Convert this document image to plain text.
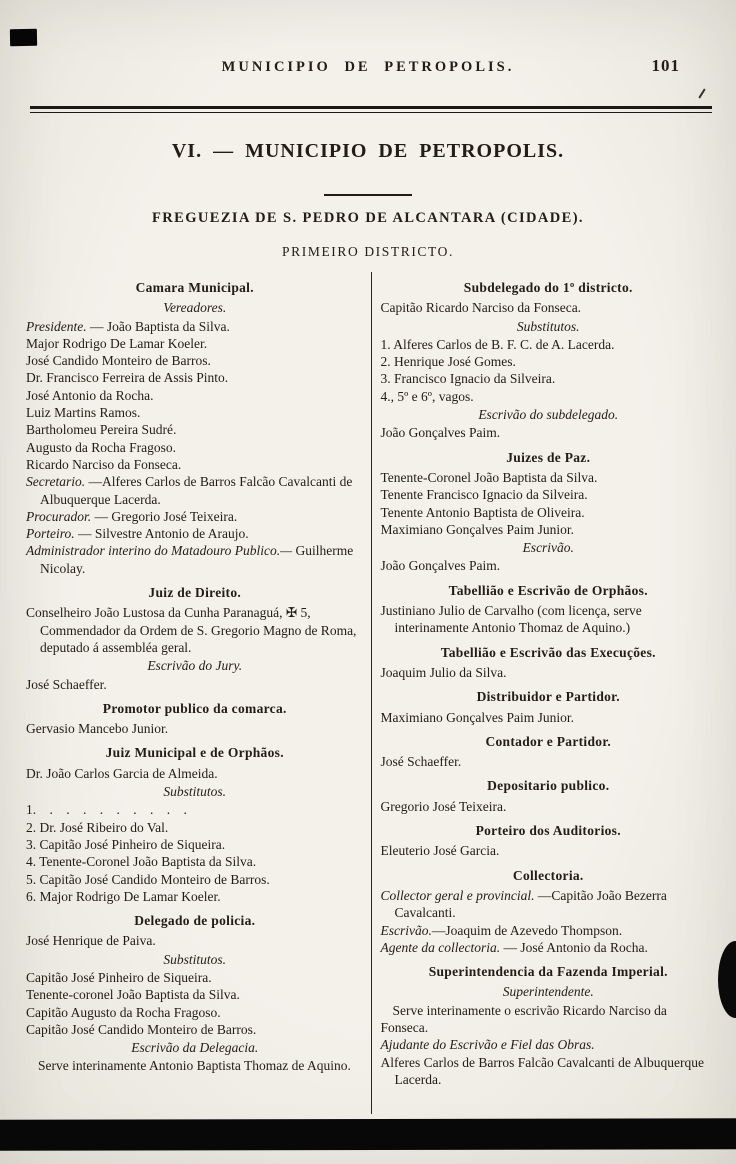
MUNICIPIO DE PETROPOLIS.	101
VI. — MUNICIPIO DE PETROPOLIS.
FREGUEZIA DE S. PEDRO DE ALCANTARA (CIDADE).
PRIMEIRO DISTRICTO.
Camara Municipal.
Vereadores.
Presidente. — João Baptista da Silva.
Major Rodrigo De Lamar Koeler.
José Candido Monteiro de Barros.
Dr. Francisco Ferreira de Assis Pinto.
José Antonio da Rocha.
Luiz Martins Ramos.
Bartholomeu Pereira Sudré.
Augusto da Rocha Fragoso.
Ricardo Narciso da Fonseca.
Secretario. —Alferes Carlos de Barros Falcão Cavalcanti de Albuquerque Lacerda.
Procurador. — Gregorio José Teixeira.
Porteiro. — Silvestre Antonio de Araujo.
Administrador interino do Matadouro Publico.— Guilherme Nicolay.
Juiz de Direito.
Conselheiro João Lustosa da Cunha Paranaguá, ✠ 5, Commendador da Ordem de S. Gregorio Magno de Roma, deputado á assembléa geral.
Escrivão do Jury.
José Schaeffer.
Promotor publico da comarca.
Gervasio Mancebo Junior.
Juiz Municipal e de Orphãos.
Dr. João Carlos Garcia de Almeida.
Substitutos.
1. . . . . . . . . .
2. Dr. José Ribeiro do Val.
3. Capitão José Pinheiro de Siqueira.
4. Tenente-Coronel João Baptista da Silva.
5. Capitão José Candido Monteiro de Barros.
6. Major Rodrigo De Lamar Koeler.
Delegado de policia.
José Henrique de Paiva.
Substitutos.
Capitão José Pinheiro de Siqueira.
Tenente-coronel João Baptista da Silva.
Capitão Augusto da Rocha Fragoso.
Capitão José Candido Monteiro de Barros.
Escrivão da Delegacia.
Serve interinamente Antonio Baptista Thomaz de Aquino.
Subdelegado do 1º districto.
Capitão Ricardo Narciso da Fonseca.
Substitutos.
1. Alferes Carlos de B. F. C. de A. Lacerda.
2. Henrique José Gomes.
3. Francisco Ignacio da Silveira.
4., 5º e 6º, vagos.
Escrivão do subdelegado.
João Gonçalves Paim.
Juizes de Paz.
Tenente-Coronel João Baptista da Silva.
Tenente Francisco Ignacio da Silveira.
Tenente Antonio Baptista de Oliveira.
Maximiano Gonçalves Paim Junior.
Escrivão.
João Gonçalves Paim.
Tabellião e Escrivão de Orphãos.
Justiniano Julio de Carvalho (com licença, serve interinamente Antonio Thomaz de Aquino.)
Tabellião e Escrivão das Execuções.
Joaquim Julio da Silva.
Distribuidor e Partidor.
Maximiano Gonçalves Paim Junior.
Contador e Partidor.
José Schaeffer.
Depositario publico.
Gregorio José Teixeira.
Porteiro dos Auditorios.
Eleuterio José Garcia.
Collectoria.
Collector geral e provincial. —Capitão João Bezerra Cavalcanti.
Escrivão.—Joaquim de Azevedo Thompson.
Agente da collectoria. — José Antonio da Rocha.
Superintendencia da Fazenda Imperial.
Superintendente.
Serve interinamente o escrivão Ricardo Narciso da Fonseca.
Ajudante do Escrivão e Fiel das Obras.
Alferes Carlos de Barros Falcão Cavalcanti de Albuquerque Lacerda.
